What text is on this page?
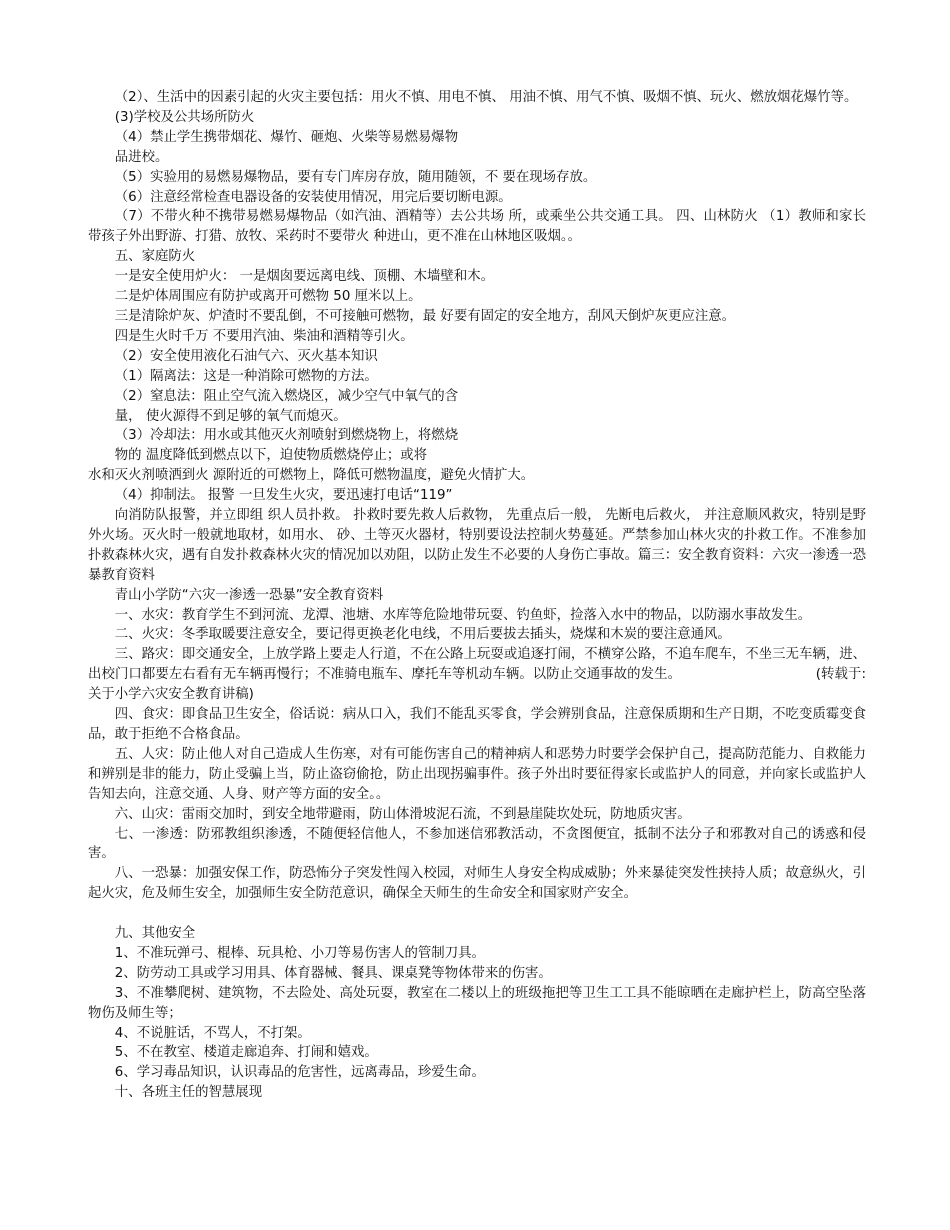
（2）、生活中的因素引起的火灾主要包括：用火不慎、用电不慎、 用油不慎、用气不慎、吸烟不慎、玩火、燃放烟花爆竹等。

(3)学校及公共场所防火

（4）禁止学生携带烟花、爆竹、砸炮、火柴等易燃易爆物

品进校。

（5）实验用的易燃易爆物品，要有专门库房存放，随用随领，不 要在现场存放。

（6）注意经常检查电器设备的安装使用情况，用完后要切断电源。

（7）不带火种不携带易燃易爆物品（如汽油、酒精等）去公共场 所，或乘坐公共交通工具。 四、山林防火 （1）教师和家长带孩子外出野游、打猎、放牧、采药时不要带火 种进山，更不准在山林地区吸烟。。

五、家庭防火

一是安全使用炉火： 一是烟囱要远离电线、顶棚、木墙壁和木。

二是炉体周围应有防护或离开可燃物 50 厘米以上。

三是清除炉灰、炉渣时不要乱倒，不可接触可燃物，最 好要有固定的安全地方，刮风天倒炉灰更应注意。

四是生火时千万 不要用汽油、柴油和酒精等引火。

（2）安全使用液化石油气六、灭火基本知识

（1）隔离法：这是一种消除可燃物的方法。

（2）窒息法：阻止空气流入燃烧区，减少空气中氧气的含

量， 使火源得不到足够的氧气而熄灭。

（3）冷却法：用水或其他灭火剂喷射到燃烧物上，将燃烧

物的 温度降低到燃点以下，迫使物质燃烧停止；或将

水和灭火剂喷洒到火 源附近的可燃物上，降低可燃物温度，避免火情扩大。

（4）抑制法。 报警 一旦发生火灾，要迅速打电话“119”

向消防队报警，并立即组 织人员扑救。 扑救时要先救人后救物， 先重点后一般， 先断电后救火， 并注意顺风救灾，特别是野外火场。灭火时一般就地取材，如用水、 砂、土等灭火器材，特别要设法控制火势蔓延。严禁参加山林火灾的扑救工作。不准参加扑救森林火灾，遇有自发扑救森林火灾的情况加以劝阻，以防止发生不必要的人身伤亡事故。篇三：安全教育资料：六灾一渗透一恐暴教育资料

青山小学防“六灾一渗透一恐暴”安全教育资料

一、水灾：教育学生不到河流、龙潭、池塘、水库等危险地带玩耍、钓鱼虾，捡落入水中的物品，以防溺水事故发生。

二、火灾：冬季取暖要注意安全，要记得更换老化电线，不用后要拔去插头，烧煤和木炭的要注意通风。

三、路灾：即交通安全，上放学路上要走人行道，不在公路上玩耍或追逐打闹，不横穿公路，不追车爬车，不坐三无车辆，进、出校门口都要左右看有无车辆再慢行；不准骑电瓶车、摩托车等机动车辆。以防止交通事故的发生。                               (转载于:关于小学六灾安全教育讲稿)

四、食灾：即食品卫生安全，俗话说：病从口入，我们不能乱买零食，学会辨别食品，注意保质期和生产日期，不吃变质霉变食品，敢于拒绝不合格食品。

五、人灾：防止他人对自己造成人生伤寒，对有可能伤害自己的精神病人和恶势力时要学会保护自己，提高防范能力、自救能力和辨别是非的能力，防止受骗上当，防止盗窃偷抢，防止出现拐骗事件。孩子外出时要征得家长或监护人的同意，并向家长或监护人告知去向，注意交通、人身、财产等方面的安全。。

六、山灾：雷雨交加时，到安全地带避雨，防山体滑坡泥石流，不到悬崖陡坎处玩，防地质灾害。

七、一渗透：防邪教组织渗透，不随便轻信他人，不参加迷信邪教活动，不贪图便宜，抵制不法分子和邪教对自己的诱惑和侵害。

八、一恐暴：加强安保工作，防恐怖分子突发性闯入校园，对师生人身安全构成威胁；外来暴徒突发性挟持人质；故意纵火，引起火灾，危及师生安全，加强师生安全防范意识，确保全天师生的生命安全和国家财产安全。

九、其他安全

1、不准玩弹弓、棍棒、玩具枪、小刀等易伤害人的管制刀具。

2、防劳动工具或学习用具、体育器械、餐具、课桌凳等物体带来的伤害。

3、不准攀爬树、建筑物，不去险处、高处玩耍，教室在二楼以上的班级拖把等卫生工工具不能晾晒在走廊护栏上，防高空坠落物伤及师生等；

4、不说脏话，不骂人，不打架。

5、不在教室、楼道走廊追奔、打闹和嬉戏。

6、学习毒品知识，认识毒品的危害性，远离毒品，珍爱生命。

十、各班主任的智慧展现
